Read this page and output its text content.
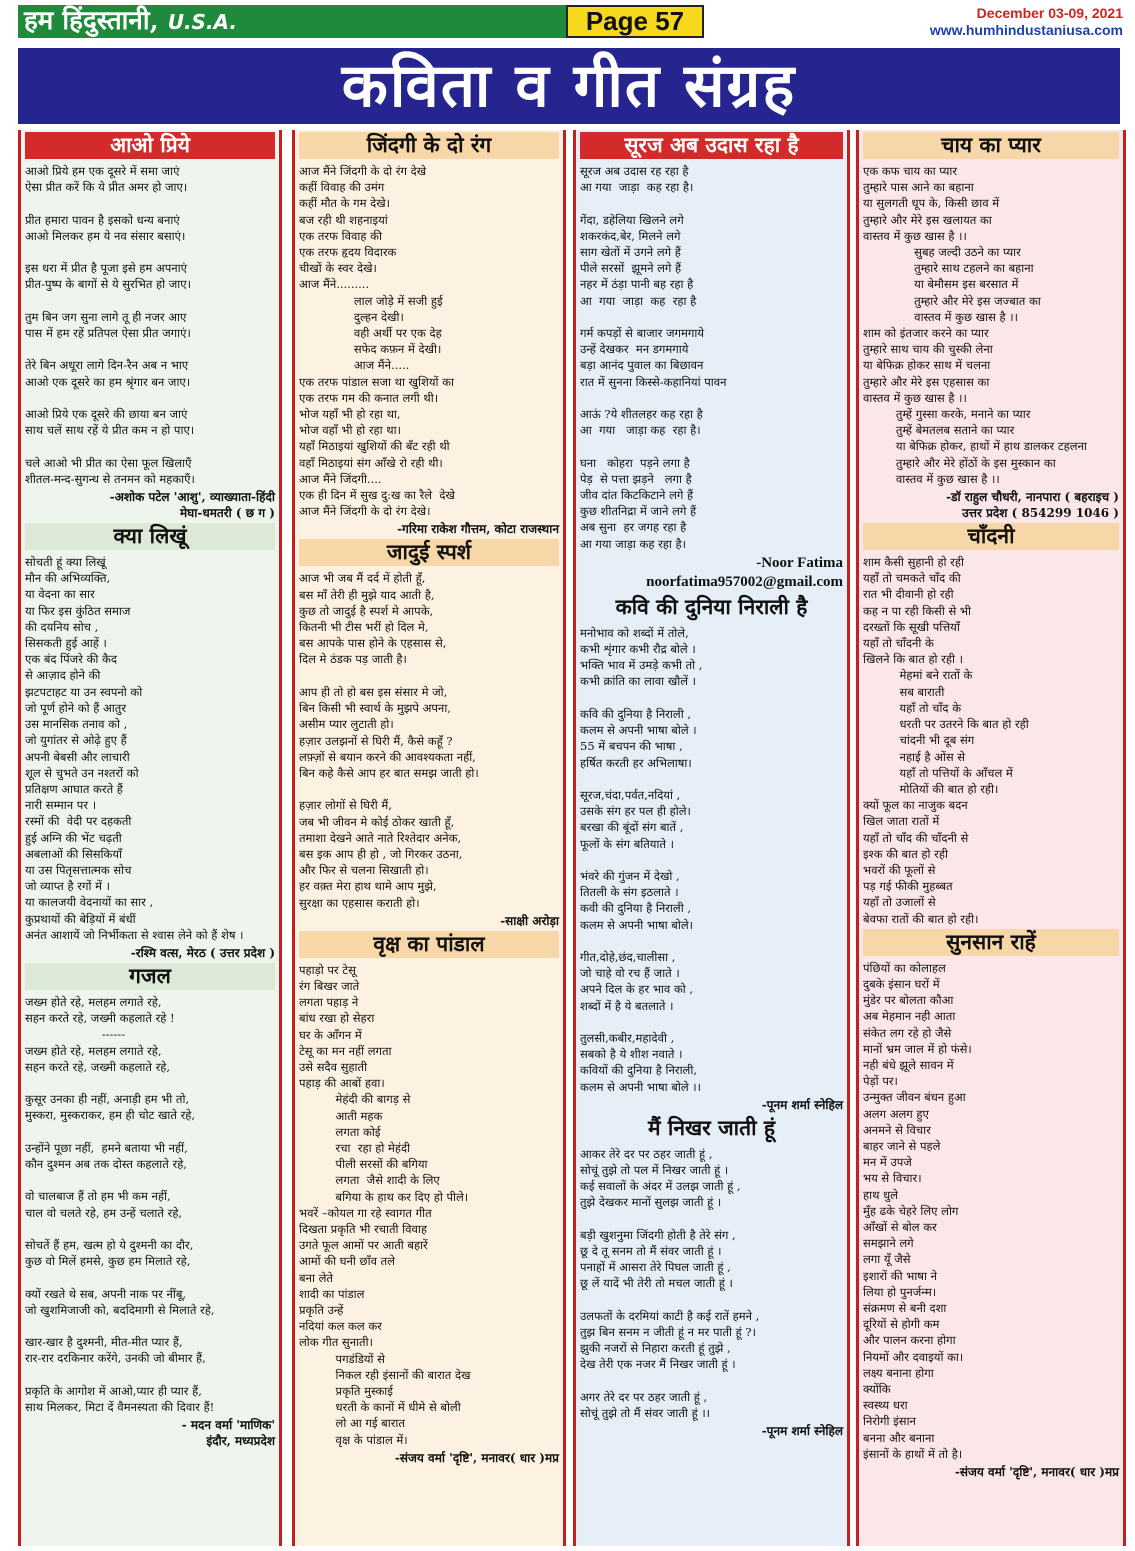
हम हिंदुस्तानी, U.S.A.	Page 57	December 03-09, 2021
www.humhindustaniusa.com
कविता व गीत संग्रह
आओ प्रिये
आओ प्रिये हम एक दूसरे में समा जाएं
ऐसा प्रीत करें कि ये प्रीत अमर हो जाए।

प्रीत हमारा पावन है इसको धन्य बनाएं
आओ मिलकर हम ये नव संसार बसाएं।

इस धरा में प्रीत है पूजा इसे हम अपनाएं
प्रीत-पुष्प के बागों से ये सुरभित हो जाए।

तुम बिन जग सुना लागे तू ही नजर आए
पास में हम रहें प्रतिपल ऐसा प्रीत जगाएं।

तेरे बिन अधूरा लागे दिन-रैन अब न भाए
आओ एक दूसरे का हम श्रृंगार बन जाए।

आओ प्रिये एक दूसरे की छाया बन जाएं
साथ चलें साथ रहें ये प्रीत कम न हो पाए।

चले आओ भी प्रीत का ऐसा फूल खिलाएँ
शीतल-मन्द-सुगन्ध से तनमन को महकाएँ।
-अशोक पटेल 'आशु', व्याख्याता-हिंदी
मेघा-धमतरी ( छ ग )
क्या लिखूं
सोचती हूं क्या लिखूं
मौन की अभिव्यक्ति,
या वेदना का सार
या फिर इस कुंठित समाज
की दयनिय सोच ,
सिसकती हुई आहें ।
एक बंद पिंजरे की कैद
से आज़ाद होने की
झटपटाहट या उन स्वपनो को
जो पूर्ण होने को हैं आतुर
उस मानसिक तनाव को ,
जो युगांतर से ओढ़े हुए हैं
अपनी बेबसी और लाचारी
शूल से चुभते उन नश्तरों को
प्रतिक्षण आघात करते हैं
नारी सम्मान पर ।
रस्मों की  वेदी पर दहकती
हुई अग्नि की भेंट चढ़ती
अबलाओं की सिसकियाँ
या उस पितृसत्तात्मक सोच
जो व्याप्त है रगों में ।
या कालजयी वेदनायों का सार ,
कुप्रथायों की बेड़ियों में बंधीं
अनंत आशायें जो निर्भीकता से श्वास लेने को हैं शेष ।
-रश्मि वत्स, मेरठ ( उत्तर प्रदेश )
गजल
जख्म होते रहे, मलहम लगाते रहे,
सहन करते रहे, जख्मी कहलाते रहे !
------
जख्म होते रहे, मलहम लगाते रहे,
सहन करते रहे, जख्मी कहलाते रहे,

कुसूर उनका ही नहीं, अनाड़ी हम भी तो,
मुस्करा, मुस्कराकर, हम ही चोट खाते रहे,

उन्होंने पूछा नहीं,  हमने बताया भी नहीं,
कौन दुश्मन अब तक दोस्त कहलाते रहे,

वो चालबाज हैं तो हम भी कम नहीं,
चाल वो चलते रहे, हम उन्हें चलाते रहे,

सोचतें हैं हम, खत्म हो ये दुश्मनी का दौर,
कुछ वो मिलें हमसे, कुछ हम मिलाते रहे,

क्यों रखते थे सब, अपनी नाक पर नींबू,
जो खुशमिजाजी को, बददिमागी से मिलाते रहे,

खार-खार है दुश्मनी, मीत-मीत प्यार हैं,
रार-रार दरकिनार करेंगे, उनकी जो बीमार हैं,

प्रकृति के आगोश में आओ,प्यार ही प्यार हैं,
साथ मिलकर, मिटा दें वैमनस्यता की दिवार हैं!
- मदन वर्मा 'माणिक'
इंदौर, मध्यप्रदेश
जिंदगी के दो रंग
आज मैंने जिंदगी के दो रंग देखे
कहीं विवाह की उमंग
कहीं मौत के गम देखे।
बज रही थी शहनाइयां
एक तरफ विवाह की
एक तरफ हृदय विदारक
चीखों के स्वर देखे।
आज मैंने.........
लाल जोड़े में सजी हुई
दुल्हन देखी।
वही अर्थी पर एक देह
सफेद कफ़न में देखी।
आज मैंने.....
एक तरफ पांडाल सजा था खुशियों का
एक तरफ गम की कनात लगी थी।
भोज यहाँ भी हो रहा था,
भोज वहाँ भी हो रहा था।
यहाँ मिठाइयां खुशियों की बँट रही थी
वहाँ मिठाइयां संग आँखे रो रही थी।
आज मैंने जिंदगी....
एक ही दिन में सुख दु:ख का रैले  देखे
आज मैंने जिंदगी के दो रंग देखे।
-गरिमा राकेश गौत्तम, कोटा राजस्थान
जादुई स्पर्श
आज भी जब मैं दर्द में होती हूँ,
बस माँ तेरी ही मुझे याद आती है,
कुछ तो जादुई है स्पर्श मे आपके,
कितनी भी टीस भरीं हो दिल मे,
बस आपके पास होने के एहसास से,
दिल मे ठंडक पड़ जाती है।

आप ही तो हो बस इस संसार मे जो,
बिन किसी भी स्वार्थ के मुझपे अपना,
असीम प्यार लुटाती हो।
हज़ार उलझनों से घिरी मैं, कैसे कहूँ ?
लफ़्ज़ों से बयान करने की आवश्यकता नहीं,
बिन कहे कैसे आप हर बात समझ जाती हो।

हज़ार लोगों से घिरी मैं,
जब भी जीवन मे कोई ठोकर खाती हूँ,
तमाशा देखने आते नाते रिश्तेदार अनेक,
बस इक आप ही हो , जो गिरकर उठना,
और फिर से चलना सिखाती हो।
हर वक़्त मेरा हाथ थामे आप मुझे,
सुरक्षा का एहसास कराती हो।
-साक्षी अरोड़ा
वृक्ष का पांडाल
पहाड़ो पर टेसू
रंग बिखर जाते
लगता पहाड़ ने
बांध रखा हो सेहरा
घर के आँगन में
टेसू का मन नहीं लगता
उसे सदैव सुहाती
पहाड़ की आबों हवा।
मेहंदी की बागड़ से
आती महक
लगता कोई
रचा  रहा हो मेहंदी
पीली सरसों की बगिया
लगता  जैसे शादी के लिए
बगिया के हाथ कर दिए हो पीले।
भवरें –कोयल गा रहे स्वागत गीत
दिखता प्रकृति भी रचाती विवाह
उगते फूल आमों पर आती बहारें
आमों की घनी छाँव तले
बना लेते
शादी का पांडाल
प्रकृति उन्हें
नदियां कल कल कर
लोक गीत सुनाती।
पगडंडियों से
निकल रही इंसानों की बारात देख
प्रकृति मुस्काई
धरती के कानों में धीमे से बोली
लो आ गई बारात
वृक्ष के पांडाल में।
-संजय वर्मा 'दृष्टि', मनावर( धार )मप्र
सूरज अब उदास रहा है
सूरज अब उदास रह रहा है
आ गया  जाड़ा  कह रहा है।

गेंदा, डहेलिया खिलने लगे
शकरकंद,बेर, मिलने लगे
साग खेतों में उगने लगे हैं
पीले सरसों  झूमने लगे हैं
नहर में ठंड़ा पानी बह रहा है
आ  गया  जाड़ा  कह  रहा है

गर्म कपड़ों से बाजार जगमगाये
उन्हें देखकर  मन डगमगाये
बड़ा आनंद पुवाल का बिछावन
रात में सुनना किस्से-कहानियां पावन

आऊं ?ये शीतलहर कह रहा है
आ  गया   जाड़ा कह  रहा है।

घना   कोहरा  पड़ने लगा है
पेड़  से पत्ता झड़ने   लगा है
जीव दांत किटकिटाने लगे हैं
कुछ शीतनिद्रा में जाने लगे हैं
अब सुना  हर जगह रहा है
आ गया जाड़ा कह रहा है।
-Noor Fatima
noorfatima957002@gmail.com
कवि की दुनिया निराली है
मनोभाव को शब्दों में तोले,
कभी शृंगार कभी रौद्र बोले ।
भक्ति भाव में उमड़े कभी तो ,
कभी क्रांति का लावा खौलें ।

कवि की दुनिया है निराली ,
कलम से अपनी भाषा बोले ।
55 में बचपन की भाषा ,
हर्षित करती हर अभिलाषा।

सूरज,चंदा,पर्वत,नदियां ,
उसके संग हर पल ही होले।
बरखा की बूंदों संग बातें ,
फूलों के संग बतियाते ।

भंवरे की गुंजन में देखो ,
तितली के संग इठलाते ।
कवी की दुनिया है निराली ,
कलम से अपनी भाषा बोले।

गीत,दोहे,छंद,चालीसा ,
जो चाहे वो रच हैं जाते ।
अपने दिल के हर भाव को ,
शब्दों में है ये बतलाते ।

तुलसी,कबीर,महादेवी ,
सबको है ये शीश नवाते ।
कवियों की दुनिया है निराली,
कलम से अपनी भाषा बोले ।।
-पूनम शर्मा स्नेहिल
मैं निखर जाती हूं
आकर तेरे दर पर ठहर जाती हूं ,
सोचूं तुझे तो पल में निखर जाती हूं ।
कई सवालों के अंदर में उलझ जाती हूं ,
तुझे देखकर मानों सुलझ जाती हूं ।

बड़ी खुशनुमा जिंदगी होती है तेरे संग ,
छू दे तू सनम तो मैं संवर जाती हूं ।
पनाहों में आसरा तेरे पिघल जाती हूं ,
छू लें यादें भी तेरी तो मचल जाती हूं ।

उलफतों के दरमियां काटी है कई रातें हमने ,
तुझ बिन सनम न जीती हूं न मर पाती हूं ?।
झुकी नजरों से निहारा करती हूं तुझे ,
देख तेरी एक नजर मैं निखर जाती हूं ।

अगर तेरे दर पर ठहर जाती हूं ,
सोचूं तुझे तो मैं संवर जाती हूं ।।
-पूनम शर्मा स्नेहिल
चाय का प्यार
एक कफ चाय का प्यार
तुम्हारे पास आने का बहाना
या सुलगती धूप के, किसी छाव में
तुम्हारे और मेरे इस खलायत का
वास्तव में कुछ खास है ।।
सुबह जल्दी उठने का प्यार
तुम्हारे साथ टहलने का बहाना
या बेमौसम इस बरसात में
तुम्हारे और मेरे इस जज्बात का
वास्तव में कुछ खास है ।।
शाम को इंतजार करने का प्यार
तुम्हारे साथ चाय की चुस्की लेना
या बेफिक्र होकर साथ में चलना
तुम्हारे और मेरे इस एहसास का
वास्तव में कुछ खास है ।।
तुम्हें गुस्सा करके, मनाने का प्यार
तुम्हें बेमतलब सताने का प्यार
या बेफिक्र होकर, हाथों में हाथ डालकर टहलना
तुम्हारे और मेरे होंठों के इस मुस्कान का
वास्तव में कुछ खास है ।।
-डॉ राहुल चौधरी, नानपारा ( बहराइच )
उत्तर प्रदेश ( 854299 1046 )
चाँदनी
शाम कैसी सुहानी हो रही
यहाँ तो चमकते चाँद की
रात भी दीवानी हो रही
कह न पा रही किसी से भी
दरख्तों कि सूखी पत्तियाँ
यहाँ तो चाँदनी के
खिलने कि बात हो रही ।
मेहमां बने रातों के
सब बाराती
यहाँ तो चाँद के
धरती पर उतरने कि बात हो रही
चांदनी भी दूब संग
नहाई है ओंस से
यहाँ तो पत्तियों के आँचल में
मोतियों की बात हो रही।
क्यों फूल का नाजुक बदन
खिल जाता रातों में
यहाँ तो चाँद की चाँदनी से
इश्क की बात हो रही
भवरों की फूलों से
पड़ गई फीकी मुहब्बत
यहाँ तो उजालों से
बेवफा रातों की बात हो रही।
सुनसान राहें
पंछियों का कोलाहल
दुबके इंसान घरों में
मुंडेर पर बोलता कौआ
अब मेहमान नही आता
संकेत लग रहे हो जैसे
मानों भ्रम जाल में हो फंसे।
नही बंधे झूले सावन में
पेड़ों पर।
उन्मुक्त जीवन बंधन हुआ
अलग अलग हुए
अनमने से विचार
बाहर जाने से पहले
मन में उपजे
भय से विचार।
हाथ धुले
मुँह ढके चेहरे लिए लोग
आँखों से बोल कर
समझाने लगे
लगा यूँ जैसे
इशारों की भाषा ने
लिया हो पुनर्जन्म।
संक्रमण से बनी दशा
दूरियों से होगी कम
और पालन करना होगा
नियमों और दवाइयों का।
लक्ष्य बनाना होगा
क्योंकि
स्वस्थ्य धरा
निरोगी इंसान
बनना और बनाना
इंसानों के हाथों में तो है।
-संजय वर्मा 'दृष्टि', मनावर( धार )मप्र
